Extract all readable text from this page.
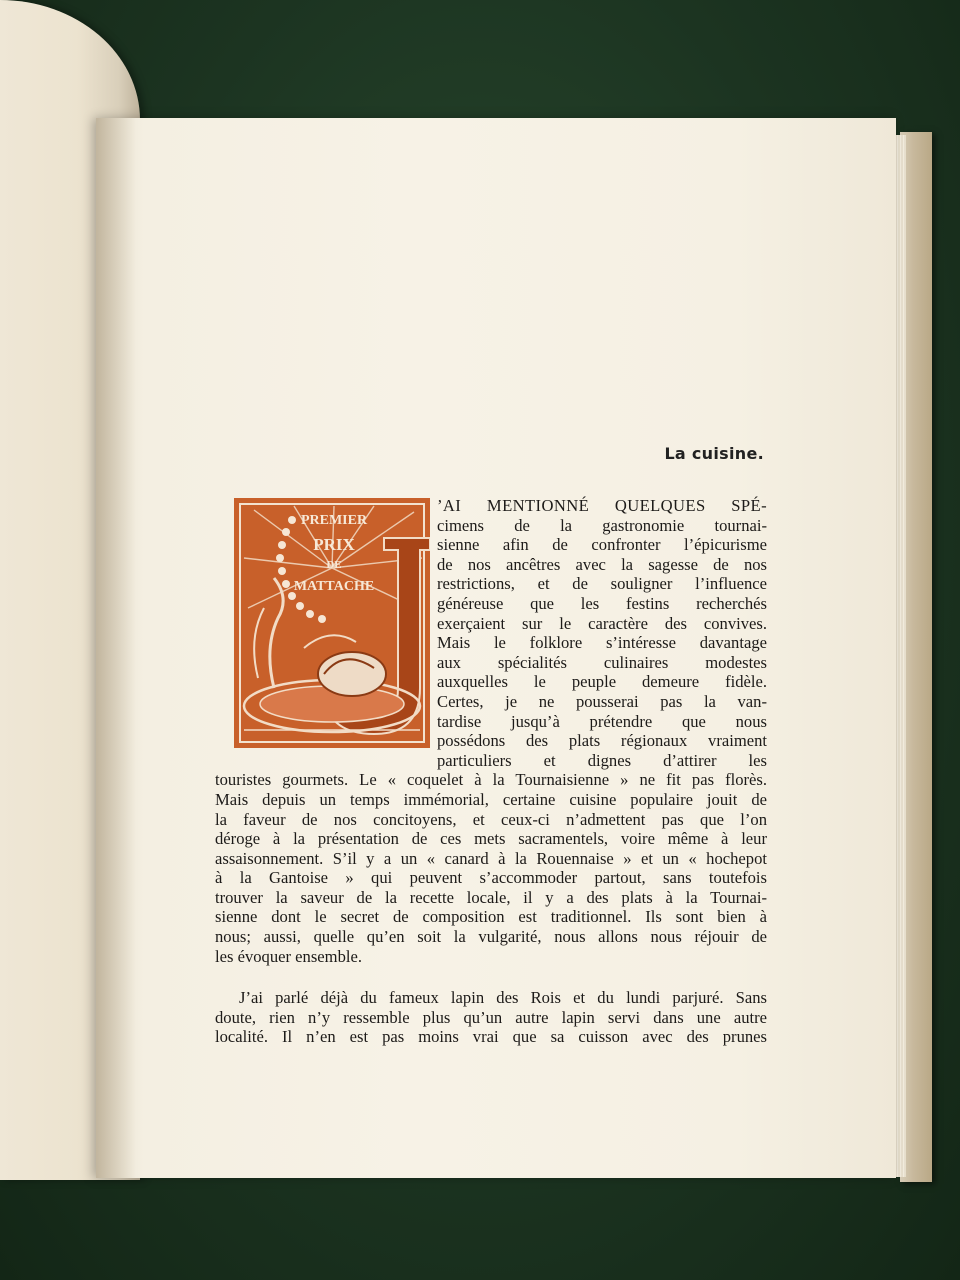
La cuisine.
PREMIER
PRIX
DE
MATTACHE
’AI MENTIONNÉ QUELQUES SPÉ-
cimens de la gastronomie tournai-
sienne afin de confronter l’épicurisme
de nos ancêtres avec la sagesse de nos
restrictions, et de souligner l’influence
généreuse que les festins recherchés
exerçaient sur le caractère des convives.
Mais le folklore s’intéresse davantage
aux spécialités culinaires modestes
auxquelles le peuple demeure fidèle.
Certes, je ne pousserai pas la van-
tardise jusqu’à prétendre que nous
possédons des plats régionaux vraiment
particuliers et dignes d’attirer les
touristes gourmets. Le « coquelet à la Tournaisienne » ne fit pas florès.
Mais depuis un temps immémorial, certaine cuisine populaire jouit de
la faveur de nos concitoyens, et ceux-ci n’admettent pas que l’on
déroge à la présentation de ces mets sacramentels, voire même à leur
assaisonnement. S’il y a un « canard à la Rouennaise » et un « hochepot
à la Gantoise » qui peuvent s’accommoder partout, sans toutefois
trouver la saveur de la recette locale, il y a des plats à la Tournai-
sienne dont le secret de composition est traditionnel. Ils sont bien à
nous; aussi, quelle qu’en soit la vulgarité, nous allons nous réjouir de
les évoquer ensemble.
J’ai parlé déjà du fameux lapin des Rois et du lundi parjuré. Sans
doute, rien n’y ressemble plus qu’un autre lapin servi dans une autre
localité. Il n’en est pas moins vrai que sa cuisson avec des prunes
